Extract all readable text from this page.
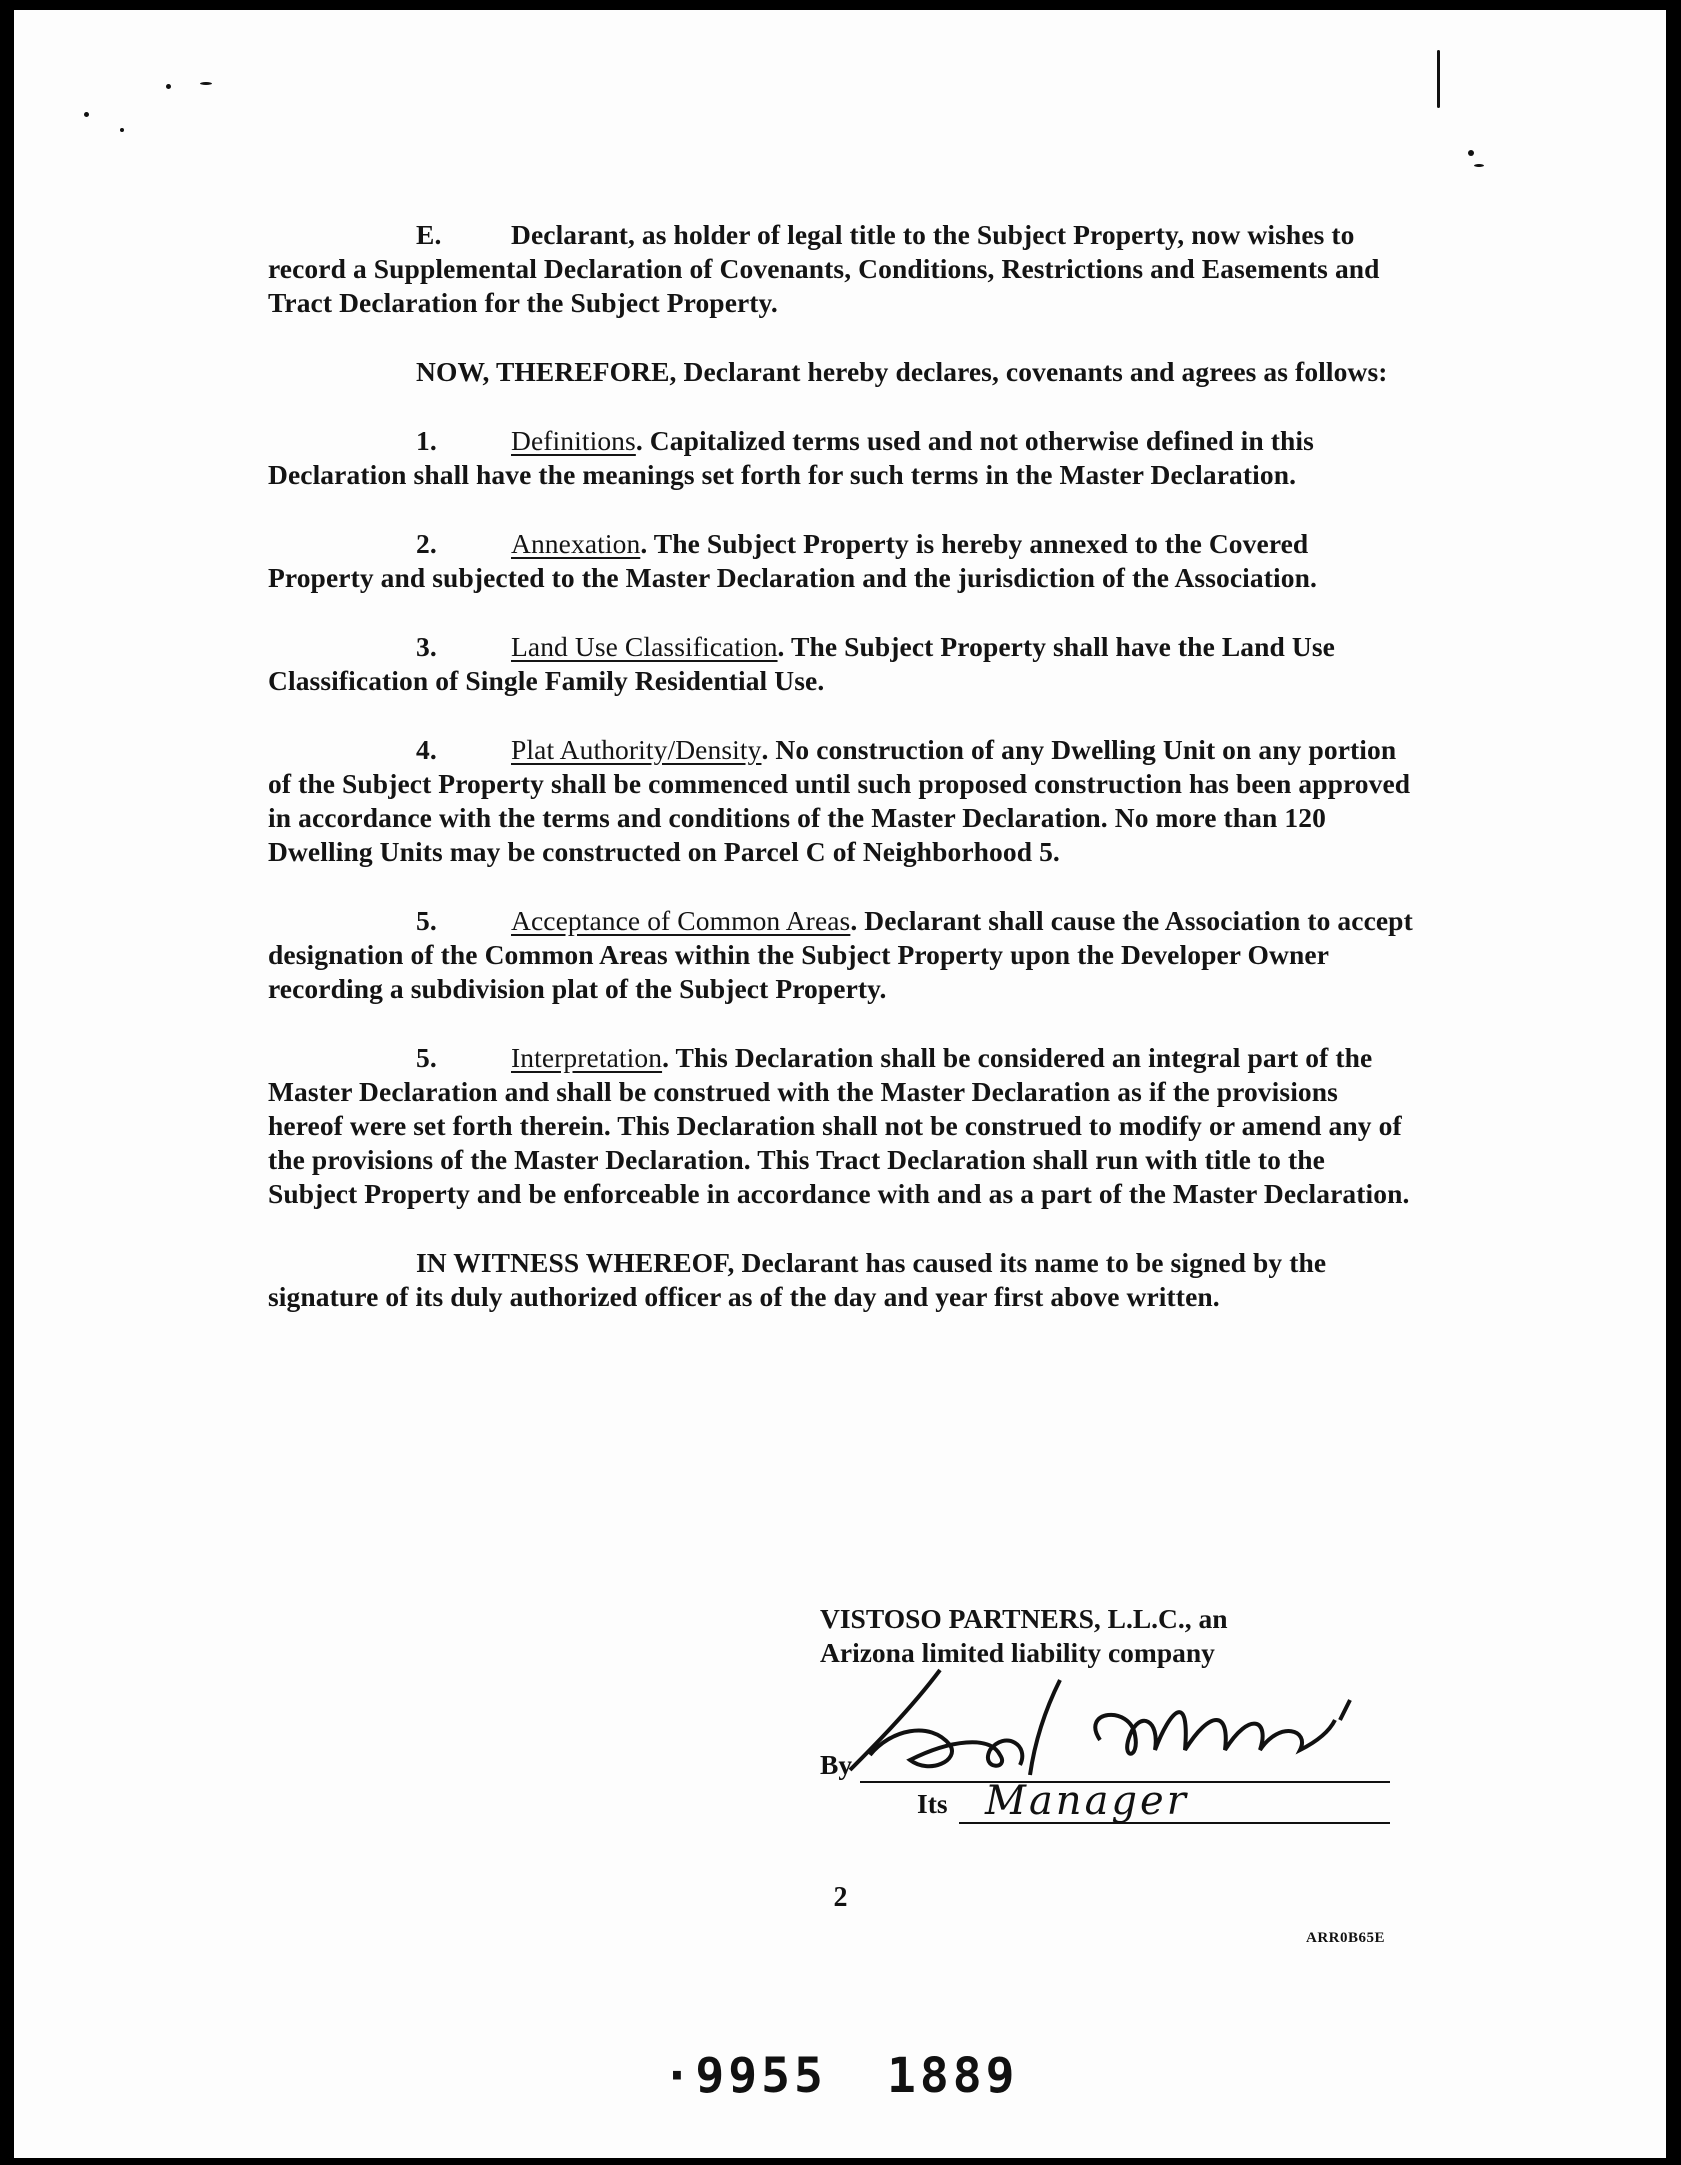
E.	Declarant, as holder of legal title to the Subject Property, now wishes to record a Supplemental Declaration of Covenants, Conditions, Restrictions and Easements and Tract Declaration for the Subject Property.

NOW, THEREFORE, Declarant hereby declares, covenants and agrees as follows:

1.	Definitions. Capitalized terms used and not otherwise defined in this Declaration shall have the meanings set forth for such terms in the Master Declaration.

2.	Annexation. The Subject Property is hereby annexed to the Covered Property and subjected to the Master Declaration and the jurisdiction of the Association.

3.	Land Use Classification. The Subject Property shall have the Land Use Classification of Single Family Residential Use.

4.	Plat Authority/Density. No construction of any Dwelling Unit on any portion of the Subject Property shall be commenced until such proposed construction has been approved in accordance with the terms and conditions of the Master Declaration. No more than 120 Dwelling Units may be constructed on Parcel C of Neighborhood 5.

5.	Acceptance of Common Areas. Declarant shall cause the Association to accept designation of the Common Areas within the Subject Property upon the Developer Owner recording a subdivision plat of the Subject Property.

5.	Interpretation. This Declaration shall be considered an integral part of the Master Declaration and shall be construed with the Master Declaration as if the provisions hereof were set forth therein. This Declaration shall not be construed to modify or amend any of the provisions of the Master Declaration. This Tract Declaration shall run with title to the Subject Property and be enforceable in accordance with and as a part of the Master Declaration.

IN WITNESS WHEREOF, Declarant has caused its name to be signed by the signature of its duly authorized officer as of the day and year first above written.

VISTOSO PARTNERS, L.L.C., an
Arizona limited liability company
By
Its Manager
2
ARR0B65E
·9955 1889
